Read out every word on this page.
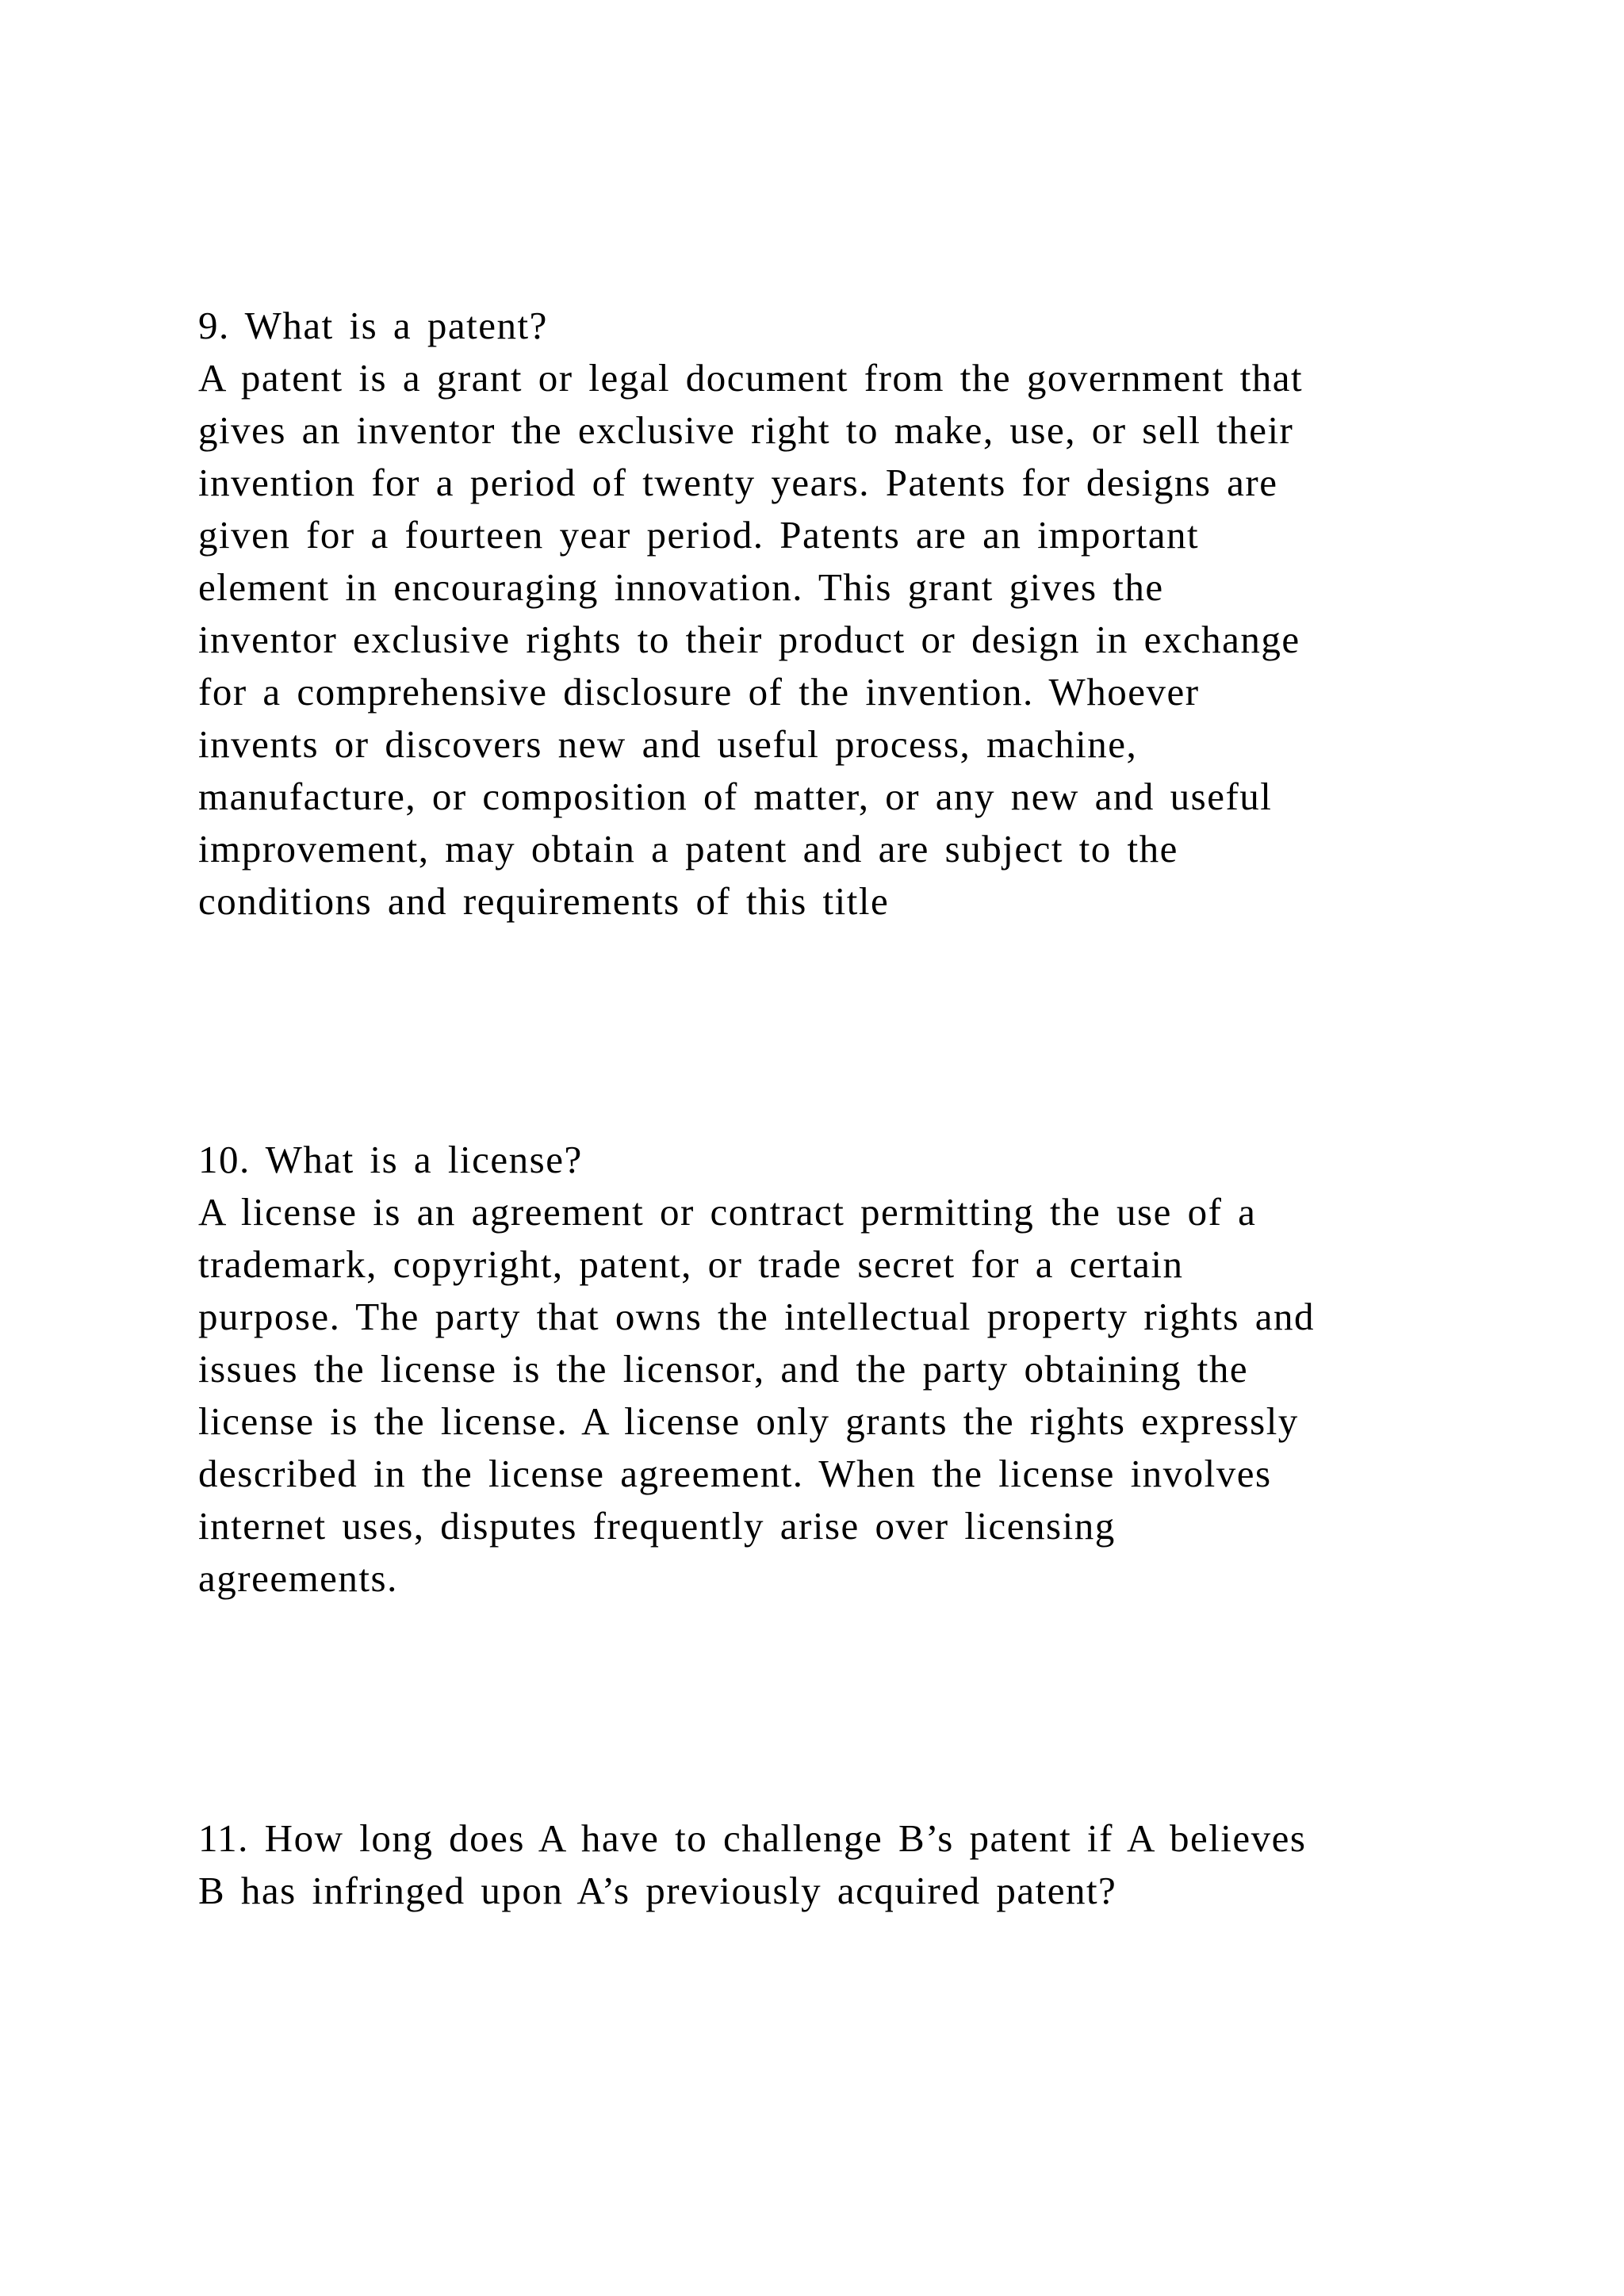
9. What is a patent?
A patent is a grant or legal document from the government that
gives an inventor the exclusive right to make, use, or sell their
invention for a period of twenty years. Patents for designs are
given for a fourteen year period. Patents are an important
element in encouraging innovation. This grant gives the
inventor exclusive rights to their product or design in exchange
for a comprehensive disclosure of the invention. Whoever
invents or discovers new and useful process, machine,
manufacture, or composition of matter, or any new and useful
improvement, may obtain a patent and are subject to the
conditions and requirements of this title
10. What is a license?
A license is an agreement or contract permitting the use of a
trademark, copyright, patent, or trade secret for a certain
purpose. The party that owns the intellectual property rights and
issues the license is the licensor, and the party obtaining the
license is the license. A license only grants the rights expressly
described in the license agreement. When the license involves
internet uses, disputes frequently arise over licensing
agreements.
11. How long does A have to challenge B’s patent if A believes
B has infringed upon A’s previously acquired patent?
